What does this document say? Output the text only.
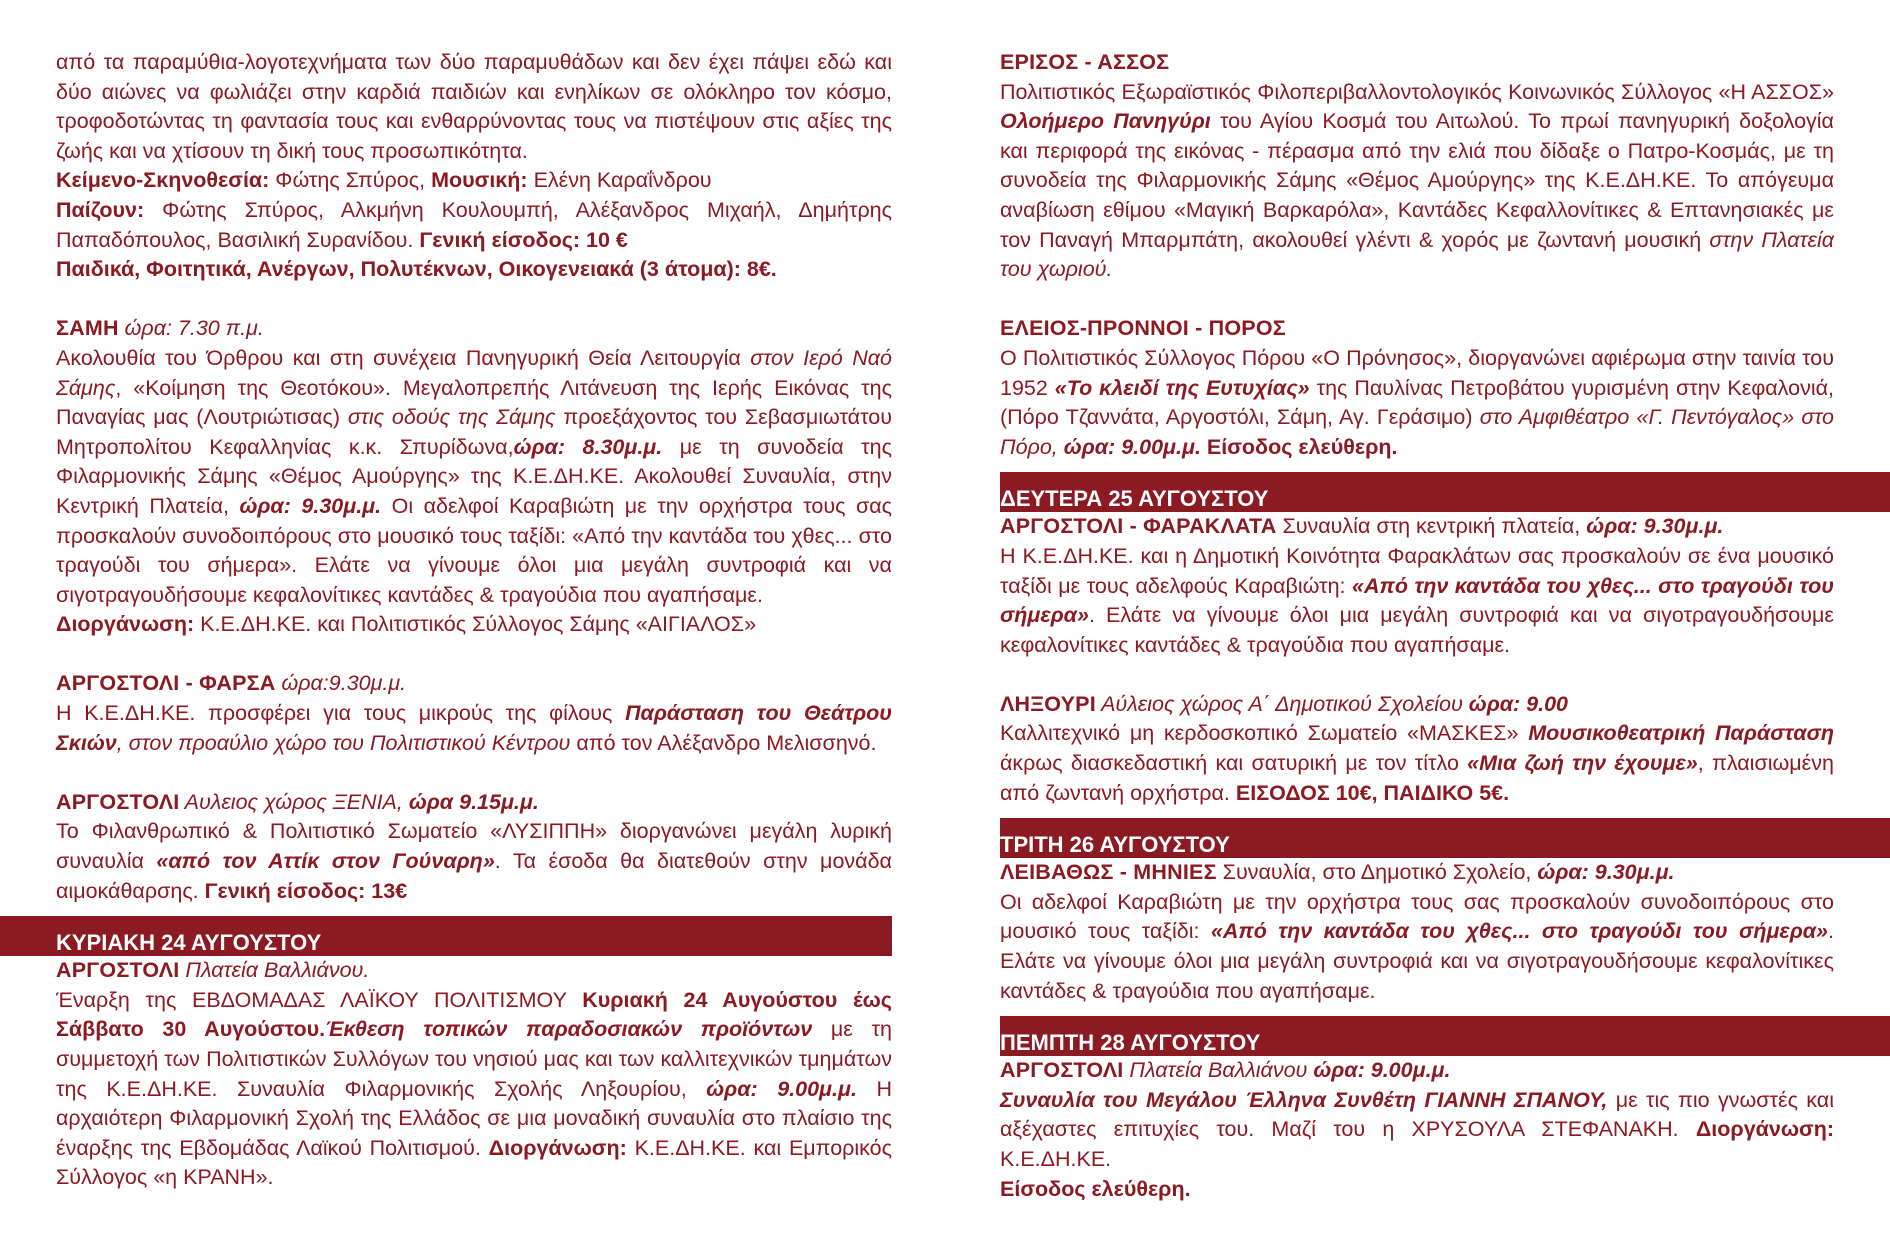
από τα παραμύθια-λογοτεχνήματα των δύο παραμυθάδων και δεν έχει πάψει εδώ και δύο αιώνες να φωλιάζει στην καρδιά παιδιών και ενηλίκων σε ολόκληρο τον κόσμο, τροφοδοτώντας τη φαντασία τους και ενθαρρύνοντας τους να πιστέψουν στις αξίες της ζωής και να χτίσουν τη δική τους προσωπικότητα.
Κείμενο-Σκηνοθεσία: Φώτης Σπύρος, Μουσική: Ελένη Καραΐνδρου
Παίζουν: Φώτης Σπύρος, Αλκμήνη Κουλουμπή, Αλέξανδρος Μιχαήλ, Δημήτρης Παπαδόπουλος, Βασιλική Συρανίδου. Γενική είσοδος: 10 €
Παιδικά, Φοιτητικά, Ανέργων, Πολυτέκνων, Οικογενειακά (3 άτομα): 8€.

ΣΑΜΗ ώρα: 7.30 π.μ.
Ακολουθία του Όρθρου και στη συνέχεια Πανηγυρική Θεία Λειτουργία στον Ιερό Ναό Σάμης, «Κοίμηση της Θεοτόκου». Μεγαλοπρεπής Λιτάνευση της Ιερής Εικόνας της Παναγίας μας (Λουτριώτισας) στις οδούς της Σάμης προεξάχοντος του Σεβασμιωτάτου Μητροπολίτου Κεφαλληνίας κ.κ. Σπυρίδωνα,ώρα: 8.30μ.μ. με τη συνοδεία της Φιλαρμονικής Σάμης «Θέμος Αμούργης» της Κ.Ε.ΔΗ.ΚΕ. Ακολουθεί Συναυλία, στην Κεντρική Πλατεία, ώρα: 9.30μ.μ. Οι αδελφοί Καραβιώτη με την ορχήστρα τους σας προσκαλούν συνοδοιπόρους στο μουσικό τους ταξίδι: «Από την καντάδα του χθες... στο τραγούδι του σήμερα». Ελάτε να γίνουμε όλοι μια μεγάλη συντροφιά και να σιγοτραγουδήσουμε κεφαλονίτικες καντάδες & τραγούδια που αγαπήσαμε.
Διοργάνωση: Κ.Ε.ΔΗ.ΚΕ. και Πολιτιστικός Σύλλογος Σάμης «ΑΙΓΙΑΛΟΣ»

ΑΡΓΟΣΤΟΛΙ - ΦΑΡΣΑ ώρα:9.30μ.μ.
Η Κ.Ε.ΔΗ.ΚΕ. προσφέρει για τους μικρούς της φίλους Παράσταση του Θεάτρου Σκιών, στον προαύλιο χώρο του Πολιτιστικού Κέντρου από τον Αλέξανδρο Μελισσηνό.

ΑΡΓΟΣΤΟΛΙ Αυλειος χώρος ΞΕΝΙΑ, ώρα 9.15μ.μ.
Το Φιλανθρωπικό & Πολιτιστικό Σωματείο «ΛΥΣΙΠΠΗ» διοργανώνει μεγάλη λυρική συναυλία «από τον Αττίκ στον Γούναρη». Τα έσοδα θα διατεθούν στην μονάδα αιμοκάθαρσης. Γενική είσοδος: 13€

ΚΥΡΙΑΚΗ 24 ΑΥΓΟΥΣΤΟΥ

ΑΡΓΟΣΤΟΛΙ Πλατεία Βαλλιάνου.
Έναρξη της ΕΒΔΟΜΑΔΑΣ ΛΑΪΚΟΥ ΠΟΛΙΤΙΣΜΟΥ Κυριακή 24 Αυγούστου έως Σάββατο 30 Αυγούστου.Έκθεση τοπικών παραδοσιακών προϊόντων με τη συμμετοχή των Πολιτιστικών Συλλόγων του νησιού μας και των καλλιτεχνικών τμημάτων της Κ.Ε.ΔΗ.ΚΕ. Συναυλία Φιλαρμονικής Σχολής Ληξουρίου, ώρα: 9.00μ.μ. Η αρχαιότερη Φιλαρμονική Σχολή της Ελλάδος σε μια μοναδική συναυλία στο πλαίσιο της έναρξης της Εβδομάδας Λαϊκού Πολιτισμού. Διοργάνωση: Κ.Ε.ΔΗ.ΚΕ. και Εμπορικός Σύλλογος «η ΚΡΑΝΗ».

ΕΡΙΣΟΣ - ΑΣΣΟΣ
Πολιτιστικός Εξωραϊστικός Φιλοπεριβαλλοντολογικός Κοινωνικός Σύλλογος «Η ΑΣΣΟΣ» Ολοήμερο Πανηγύρι του Αγίου Κοσμά του Αιτωλού. Το πρωί πανηγυρική δοξολογία και περιφορά της εικόνας - πέρασμα από την ελιά που δίδαξε ο Πατρο-Κοσμάς, με τη συνοδεία της Φιλαρμονικής Σάμης «Θέμος Αμούργης» της Κ.Ε.ΔΗ.ΚΕ. Το απόγευμα αναβίωση εθίμου «Μαγική Βαρκαρόλα», Καντάδες Κεφαλλονίτικες & Επτανησιακές με τον Παναγή Μπαρμπάτη, ακολουθεί γλέντι & χορός με ζωντανή μουσική στην Πλατεία του χωριού.

ΕΛΕΙΟΣ-ΠΡΟΝΝΟΙ - ΠΟΡΟΣ
Ο Πολιτιστικός Σύλλογος Πόρου «Ο Πρόνησος», διοργανώνει αφιέρωμα στην ταινία του 1952 «Το κλειδί της Ευτυχίας» της Παυλίνας Πετροβάτου γυρισμένη στην Κεφαλονιά, (Πόρο Τζαννάτα, Αργοστόλι, Σάμη, Αγ. Γεράσιμο) στο Αμφιθέατρο «Γ. Πεντόγαλος» στο Πόρο, ώρα: 9.00μ.μ. Είσοδος ελεύθερη.

ΔΕΥΤΕΡΑ 25 ΑΥΓΟΥΣΤΟΥ

ΑΡΓΟΣΤΟΛΙ - ΦΑΡΑΚΛΑΤΑ Συναυλία στη κεντρική πλατεία, ώρα: 9.30μ.μ.
Η Κ.Ε.ΔΗ.ΚΕ. και η Δημοτική Κοινότητα Φαρακλάτων σας προσκαλούν σε ένα μουσικό ταξίδι με τους αδελφούς Καραβιώτη: «Από την καντάδα του χθες... στο τραγούδι του σήμερα». Ελάτε να γίνουμε όλοι μια μεγάλη συντροφιά και να σιγοτραγουδήσουμε κεφαλονίτικες καντάδες & τραγούδια που αγαπήσαμε.

ΛΗΞΟΥΡΙ Αύλειος χώρος Α΄ Δημοτικού Σχολείου ώρα: 9.00
Καλλιτεχνικό μη κερδοσκοπικό Σωματείο «ΜΑΣΚΕΣ» Μουσικοθεατρική Παράσταση άκρως διασκεδαστική και σατυρική με τον τίτλο «Μια ζωή την έχουμε», πλαισιωμένη από ζωντανή ορχήστρα. ΕΙΣΟΔΟΣ 10€, ΠΑΙΔΙΚΟ 5€.

ΤΡΙΤΗ 26 ΑΥΓΟΥΣΤΟΥ

ΛΕΙΒΑΘΩΣ - ΜΗΝΙΕΣ Συναυλία, στο Δημοτικό Σχολείο, ώρα: 9.30μ.μ.
Οι αδελφοί Καραβιώτη με την ορχήστρα τους σας προσκαλούν συνοδοιπόρους στο μουσικό τους ταξίδι: «Από την καντάδα του χθες... στο τραγούδι του σήμερα». Ελάτε να γίνουμε όλοι μια μεγάλη συντροφιά και να σιγοτραγουδήσουμε κεφαλονίτικες καντάδες & τραγούδια που αγαπήσαμε.

ΠΕΜΠΤΗ 28 ΑΥΓΟΥΣΤΟΥ

ΑΡΓΟΣΤΟΛΙ Πλατεία Βαλλιάνου ώρα: 9.00μ.μ.
Συναυλία του Μεγάλου Έλληνα Συνθέτη ΓΙΑΝΝΗ ΣΠΑΝΟΥ, με τις πιο γνωστές και αξέχαστες επιτυχίες του. Μαζί του η ΧΡΥΣΟΥΛΑ ΣΤΕΦΑΝΑΚΗ. Διοργάνωση: Κ.Ε.ΔΗ.ΚΕ.
Είσοδος ελεύθερη.
